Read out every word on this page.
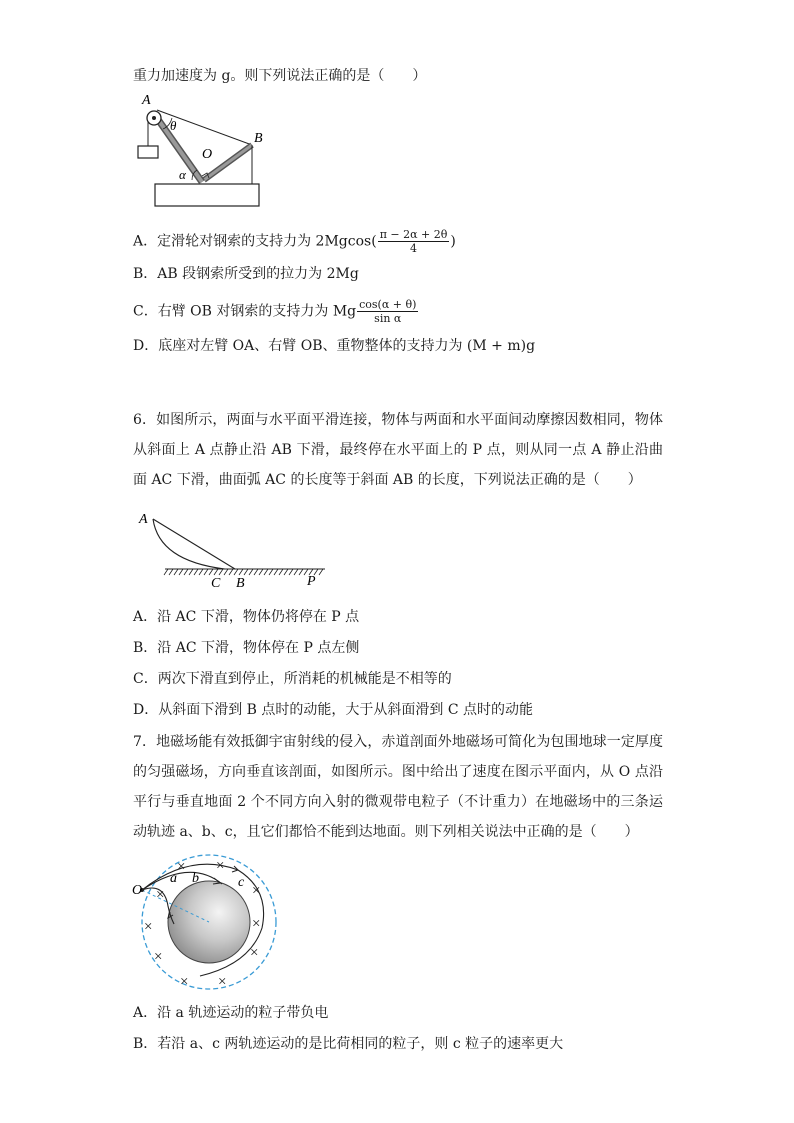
重力加速度为 g。则下列说法正确的是（　　）
A
θ
O
B
α
A．定滑轮对钢索的支持力为 $2Mgcos( \frac{\pi - 2\alpha + 2\theta}{4}$ )
B．AB 段钢索所受到的拉力为 2Mg
C．右臂 OB 对钢索的支持力为 Mg $\frac{\cos(\alpha + \theta)}{\text{sin α}}$
D．底座对左臂 OA、右臂 OB、重物整体的支持力为 (M + m)g
6．如图所示，两面与水平面平滑连接，物体与两面和水平面间动摩擦因数相同，物体从斜面上 A 点静止沿 AB 下滑，最终停在水平面上的 P 点，则从同一点 A 静止沿曲面 AC 下滑，曲面弧 AC 的长度等于斜面 AB 的长度，下列说法正确的是（　　）
A
C B	P
A．沿 AC 下滑，物体仍将停在 P 点
B．沿 AC 下滑，物体停在 P 点左侧
C．两次下滑直到停止，所消耗的机械能是不相等的
D．从斜面下滑到 B 点时的动能，大于从斜面滑到 C 点时的动能
7．地磁场能有效抵御宇宙射线的侵入，赤道剖面外地磁场可简化为包围地球一定厚度的匀强磁场，方向垂直该剖面，如图所示。图中给出了速度在图示平面内，从 O 点沿平行与垂直地面 2 个不同方向入射的微观带电粒子（不计重力）在地磁场中的三条运动轨迹 a、b、c，且它们都恰不能到达地面。则下列相关说法中正确的是（　　）
O
a b	c
× ×
×	×
×
×
×	×
× ×
A．沿 a 轨迹运动的粒子带负电
B．若沿 a、c 两轨迹运动的是比荷相同的粒子，则 c 粒子的速率更大
